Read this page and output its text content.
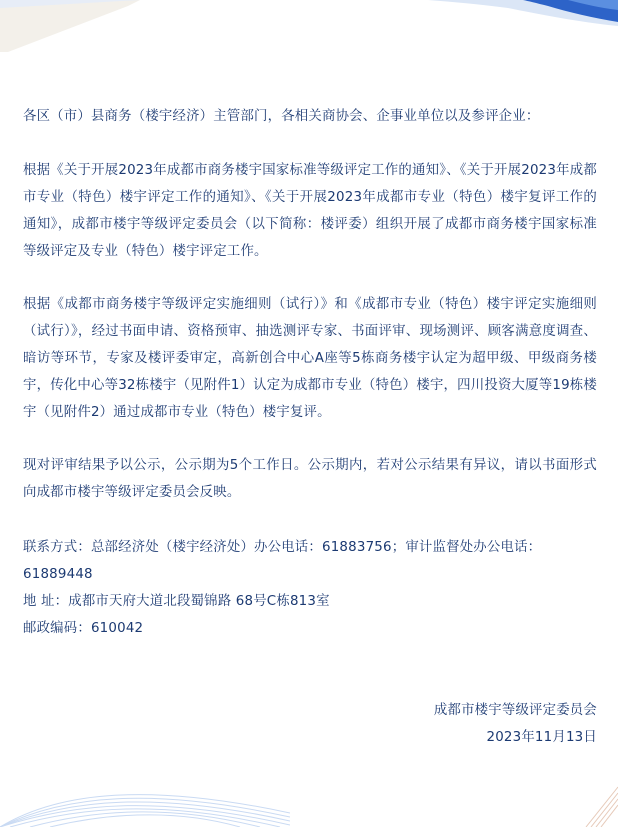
各区（市）县商务（楼宇经济）主管部门，各相关商协会、企事业单位以及参评企业：

根据《关于开展2023年成都市商务楼宇国家标准等级评定工作的通知》、《关于开展2023年成都市专业（特色）楼宇评定工作的通知》、《关于开展2023年成都市专业（特色）楼宇复评工作的通知》，成都市楼宇等级评定委员会（以下简称：楼评委）组织开展了成都市商务楼宇国家标准等级评定及专业（特色）楼宇评定工作。

根据《成都市商务楼宇等级评定实施细则（试行）》和《成都市专业（特色）楼宇评定实施细则（试行）》，经过书面申请、资格预审、抽选测评专家、书面评审、现场测评、顾客满意度调查、暗访等环节，专家及楼评委审定，高新创合中心A座等5栋商务楼宇认定为超甲级、甲级商务楼宇，传化中心等32栋楼宇（见附件1）认定为成都市专业（特色）楼宇，四川投资大厦等19栋楼宇（见附件2）通过成都市专业（特色）楼宇复评。

现对评审结果予以公示，公示期为5个工作日。公示期内，若对公示结果有异议，请以书面形式向成都市楼宇等级评定委员会反映。

联系方式：总部经济处（楼宇经济处）办公电话：61883756；审计监督处办公电话：61889448

地 址：成都市天府大道北段蜀锦路 68号C栋813室

邮政编码：610042

成都市楼宇等级评定委员会

2023年11月13日
